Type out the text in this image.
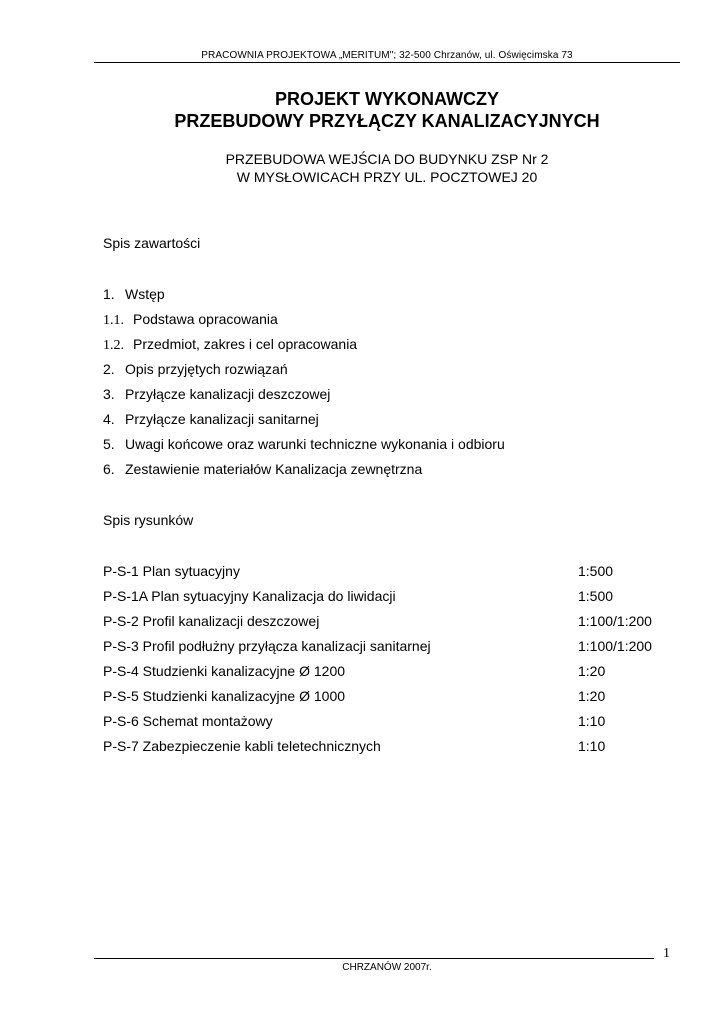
PRACOWNIA PROJEKTOWA „MERITUM"; 32-500 Chrzanów, ul. Oświęcimska 73
PROJEKT WYKONAWCZY
PRZEBUDOWY PRZYŁĄCZY KANALIZACYJNYCH
PRZEBUDOWA WEJŚCIA DO BUDYNKU ZSP Nr 2
W MYSŁOWICACH PRZY UL. POCZTOWEJ 20
Spis zawartości
1. Wstęp
1.1. Podstawa opracowania
1.2. Przedmiot, zakres i cel opracowania
2. Opis przyjętych rozwiązań
3. Przyłącze kanalizacji deszczowej
4. Przyłącze kanalizacji sanitarnej
5. Uwagi końcowe oraz warunki techniczne wykonania i odbioru
6. Zestawienie materiałów Kanalizacja zewnętrzna
Spis rysunków
P-S-1 Plan sytuacyjny	1:500
P-S-1A Plan sytuacyjny Kanalizacja do liwidacji	1:500
P-S-2 Profil kanalizacji deszczowej	1:100/1:200
P-S-3 Profil podłużny przyłącza kanalizacji sanitarnej	1:100/1:200
P-S-4 Studzienki kanalizacyjne Ø 1200	1:20
P-S-5 Studzienki kanalizacyjne Ø 1000	1:20
P-S-6 Schemat montażowy	1:10
P-S-7 Zabezpieczenie kabli teletechnicznych	1:10
1
CHRZANÓW 2007r.
